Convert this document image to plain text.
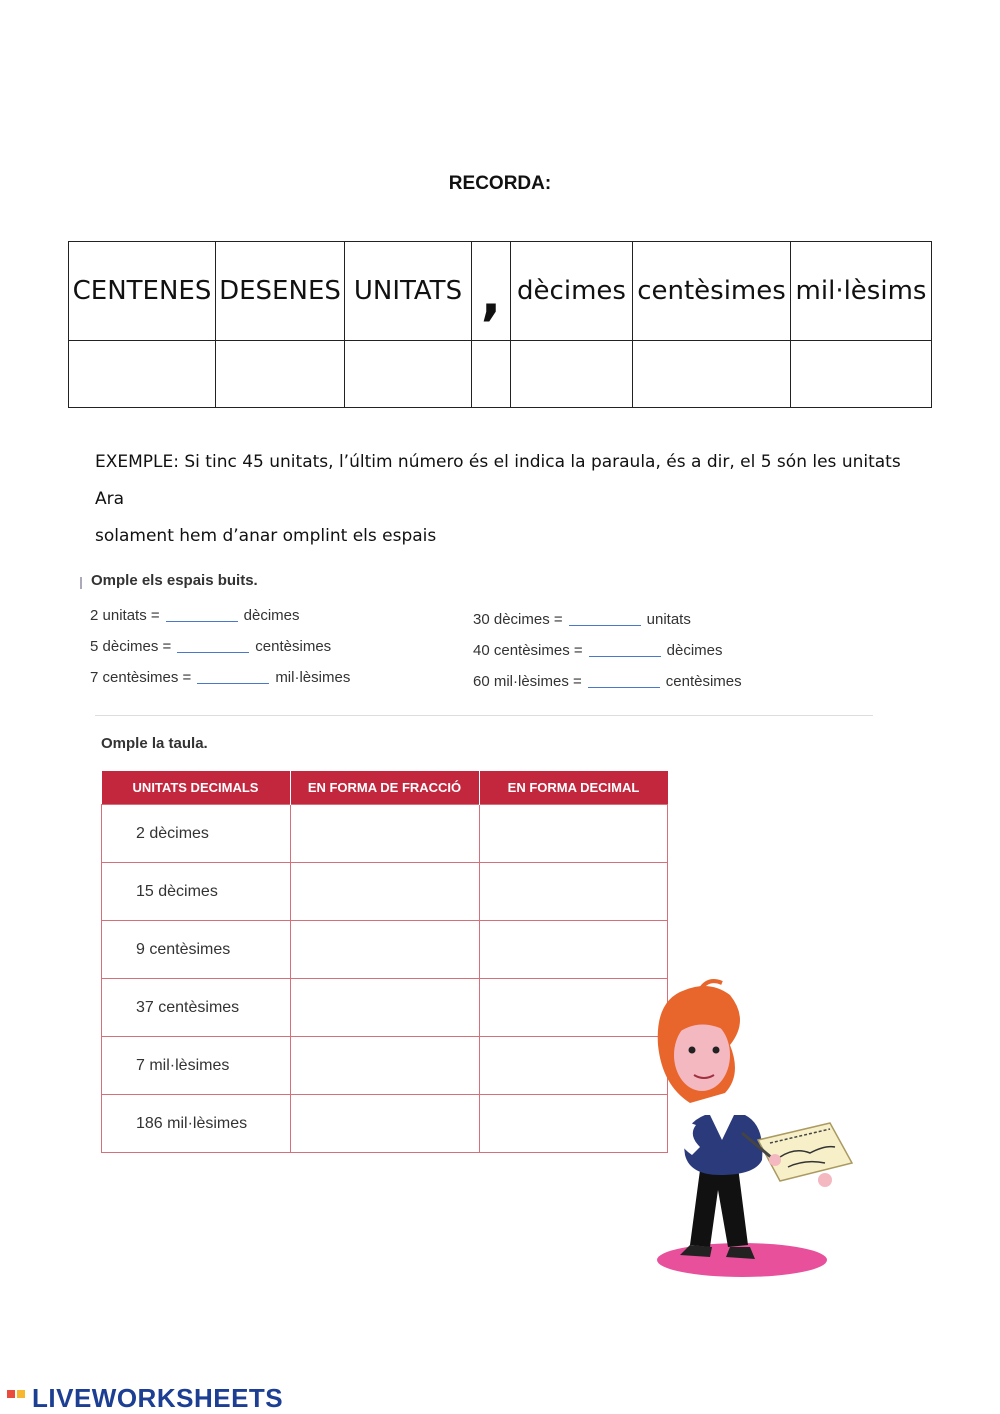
RECORDA:
CENTENES	DESENES	UNITATS	,	dècimes	centèsimes	mil·lèsims

EXEMPLE: Si tinc 45 unitats, l’últim número és el indica la paraula, és a dir, el 5 són les unitats Ara
solament hem d’anar omplint els espais
Omple els espais buits.
2 unitats =	dècimes
5 dècimes =	centèsimes
7 centèsimes =	mil·lèsimes
30 dècimes =	unitats
40 centèsimes =	dècimes
60 mil·lèsimes =	centèsimes
Omple la taula.
UNITATS DECIMALS	EN FORMA DE FRACCIÓ	EN FORMA DECIMAL
2 dècimes		
15 dècimes		
9 centèsimes		
37 centèsimes		
7 mil·lèsimes		
186 mil·lèsimes		
LIVEWORKSHEETS
